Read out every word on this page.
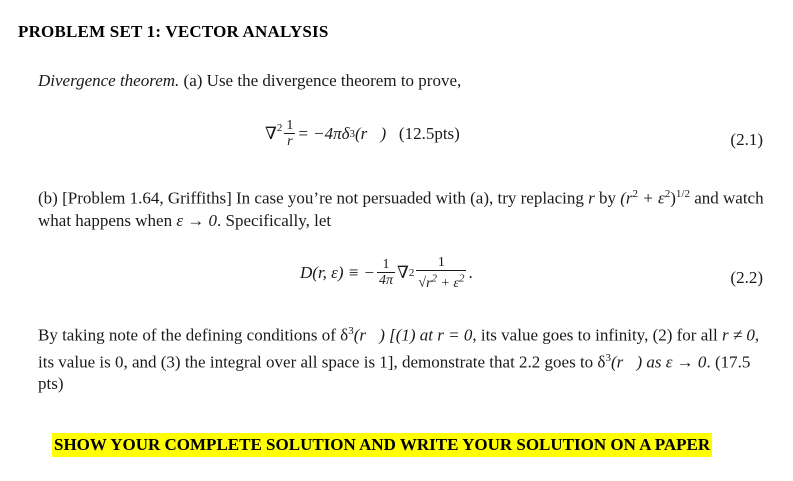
PROBLEM SET 1: VECTOR ANALYSIS
Divergence theorem. (a) Use the divergence theorem to prove,
$\nabla^2 \frac{1}{r}$ = −4πδ3(r⃗) (12.5pts)	(2.1)
(b) [Problem 1.64, Griffiths] In case you’re not persuaded with (a), try replacing r by $(r^2 + \varepsilon^2)^{1/2}$ and watch what happens when ε → 0. Specifically, let
D(r, ε) ≡ − $\frac{1}{4\pi} \nabla 2 \frac{1}{√r^2 + \varepsilon^2}$ .	(2.2)
By taking note of the defining conditions of $\delta^3(r⃗)$ [(1) at r = 0, its value goes to infinity, (2) for all r ≠ 0, its value is 0, and (3) the integral over all space is 1], demonstrate that 2.2 goes to $\delta^3(r⃗)$ as ε → 0. (17.5 pts)
SHOW YOUR COMPLETE SOLUTION AND WRITE YOUR SOLUTION ON A PAPER
